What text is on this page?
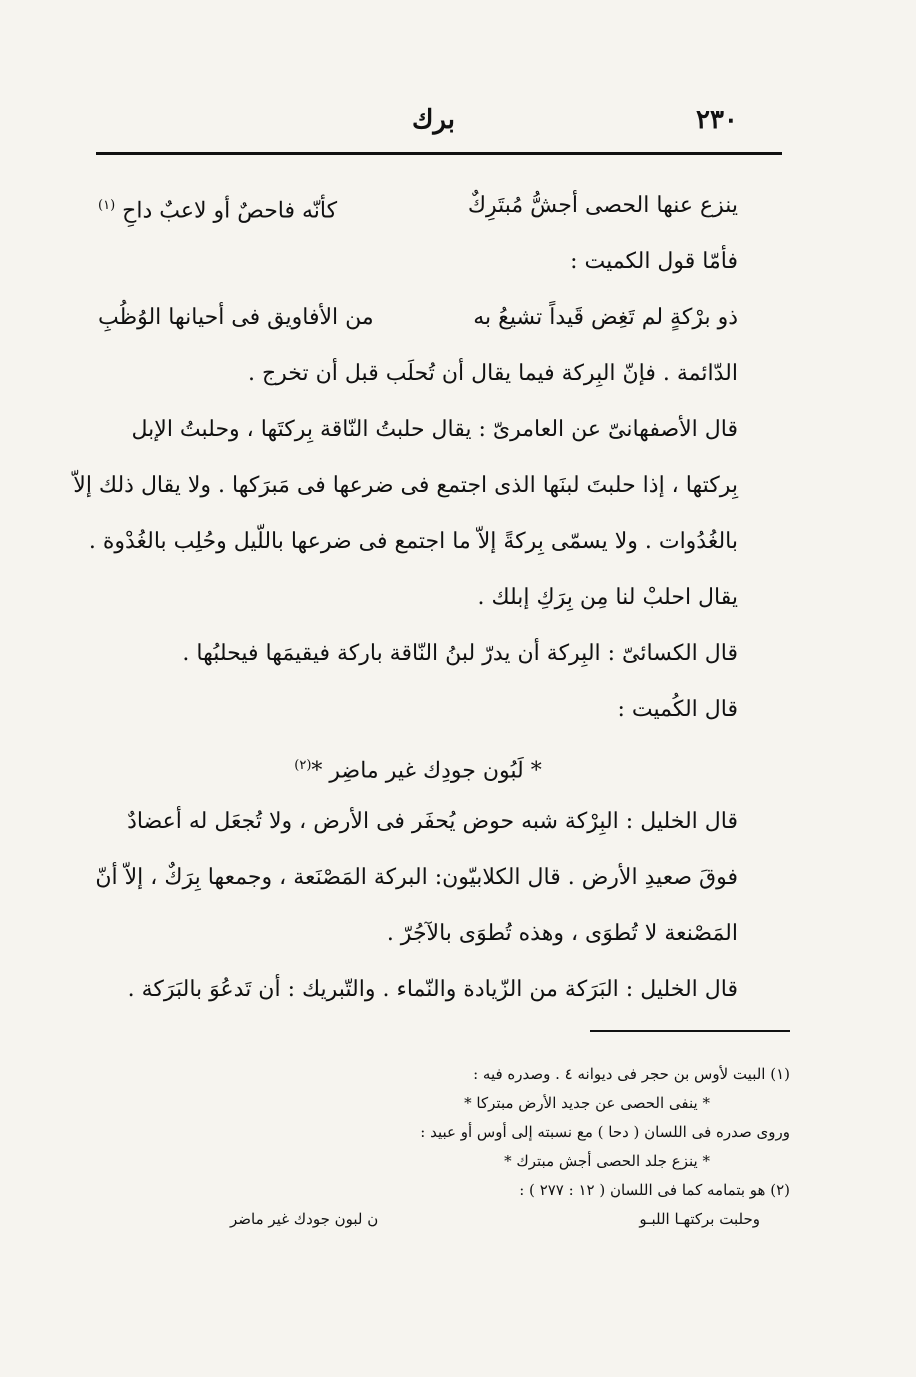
٢٣٠
برك
ينزع عنها الحصى أجشُّ مُبتَرِكٌ
كأنّه فاحصٌ أو لاعبٌ داحِ $^{(١)}$
فأمّا قول الكميت :
ذو برْكةٍ لم تَغِض قَيداً تشيعُ به
من الأفاويق فى أحيانها الوُظُبِ
الدّائمة . فإنّ البِركة فيما يقال أن تُحلَب قبل أن تخرج .
قال الأصفهانىّ عن العامرىّ : يقال حلبتُ النّاقة بِركتَها ، وحلبتُ الإبل
بِركتها ، إذا حلبتَ لبنَها الذى اجتمع فى ضرعها فى مَبرَكها . ولا يقال ذلك إلاّ
بالغُدُوات . ولا يسمّى بِركةً إلاّ ما اجتمع فى ضرعها باللّيل وحُلِب بالغُدْوة .
يقال احلبْ لنا مِن بِرَكِ إبلك .
قال الكسائىّ : البِركة أن يدرّ لبنُ النّاقة باركة فيقيمَها فيحلبُها .
قال الكُميت :
* لَبُون جودِك غير ماضِر *$^{(٢)}$
قال الخليل : البِرْكة شبه حوض يُحفَر فى الأرض ، ولا تُجعَل له أعضادٌ
فوقَ صعيدِ الأرض . قال الكلابيّون: البركة المَصْنَعة ، وجمعها بِرَكٌ ، إلاّ أنّ
المَصْنعة لا تُطوَى ، وهذه تُطوَى بالآجُرّ .
قال الخليل : البَرَكة من الزّيادة والنّماء . والتّبريك : أن تَدعُوَ بالبَرَكة .
(١) البيت لأوس بن حجر فى ديوانه ٤ . وصدره فيه :
* ينفى الحصى عن جديد الأرض مبتركا *
وروى صدره فى اللسان ( دحا ) مع نسبته إلى أوس أو عبيد :
* ينزع جلد الحصى أجش مبترك *
(٢) هو بتمامه كما فى اللسان ( ١٢ : ٢٧٧ ) :
وحلبت بركتهـا اللبـو
ن لبون جودك غير ماضر
